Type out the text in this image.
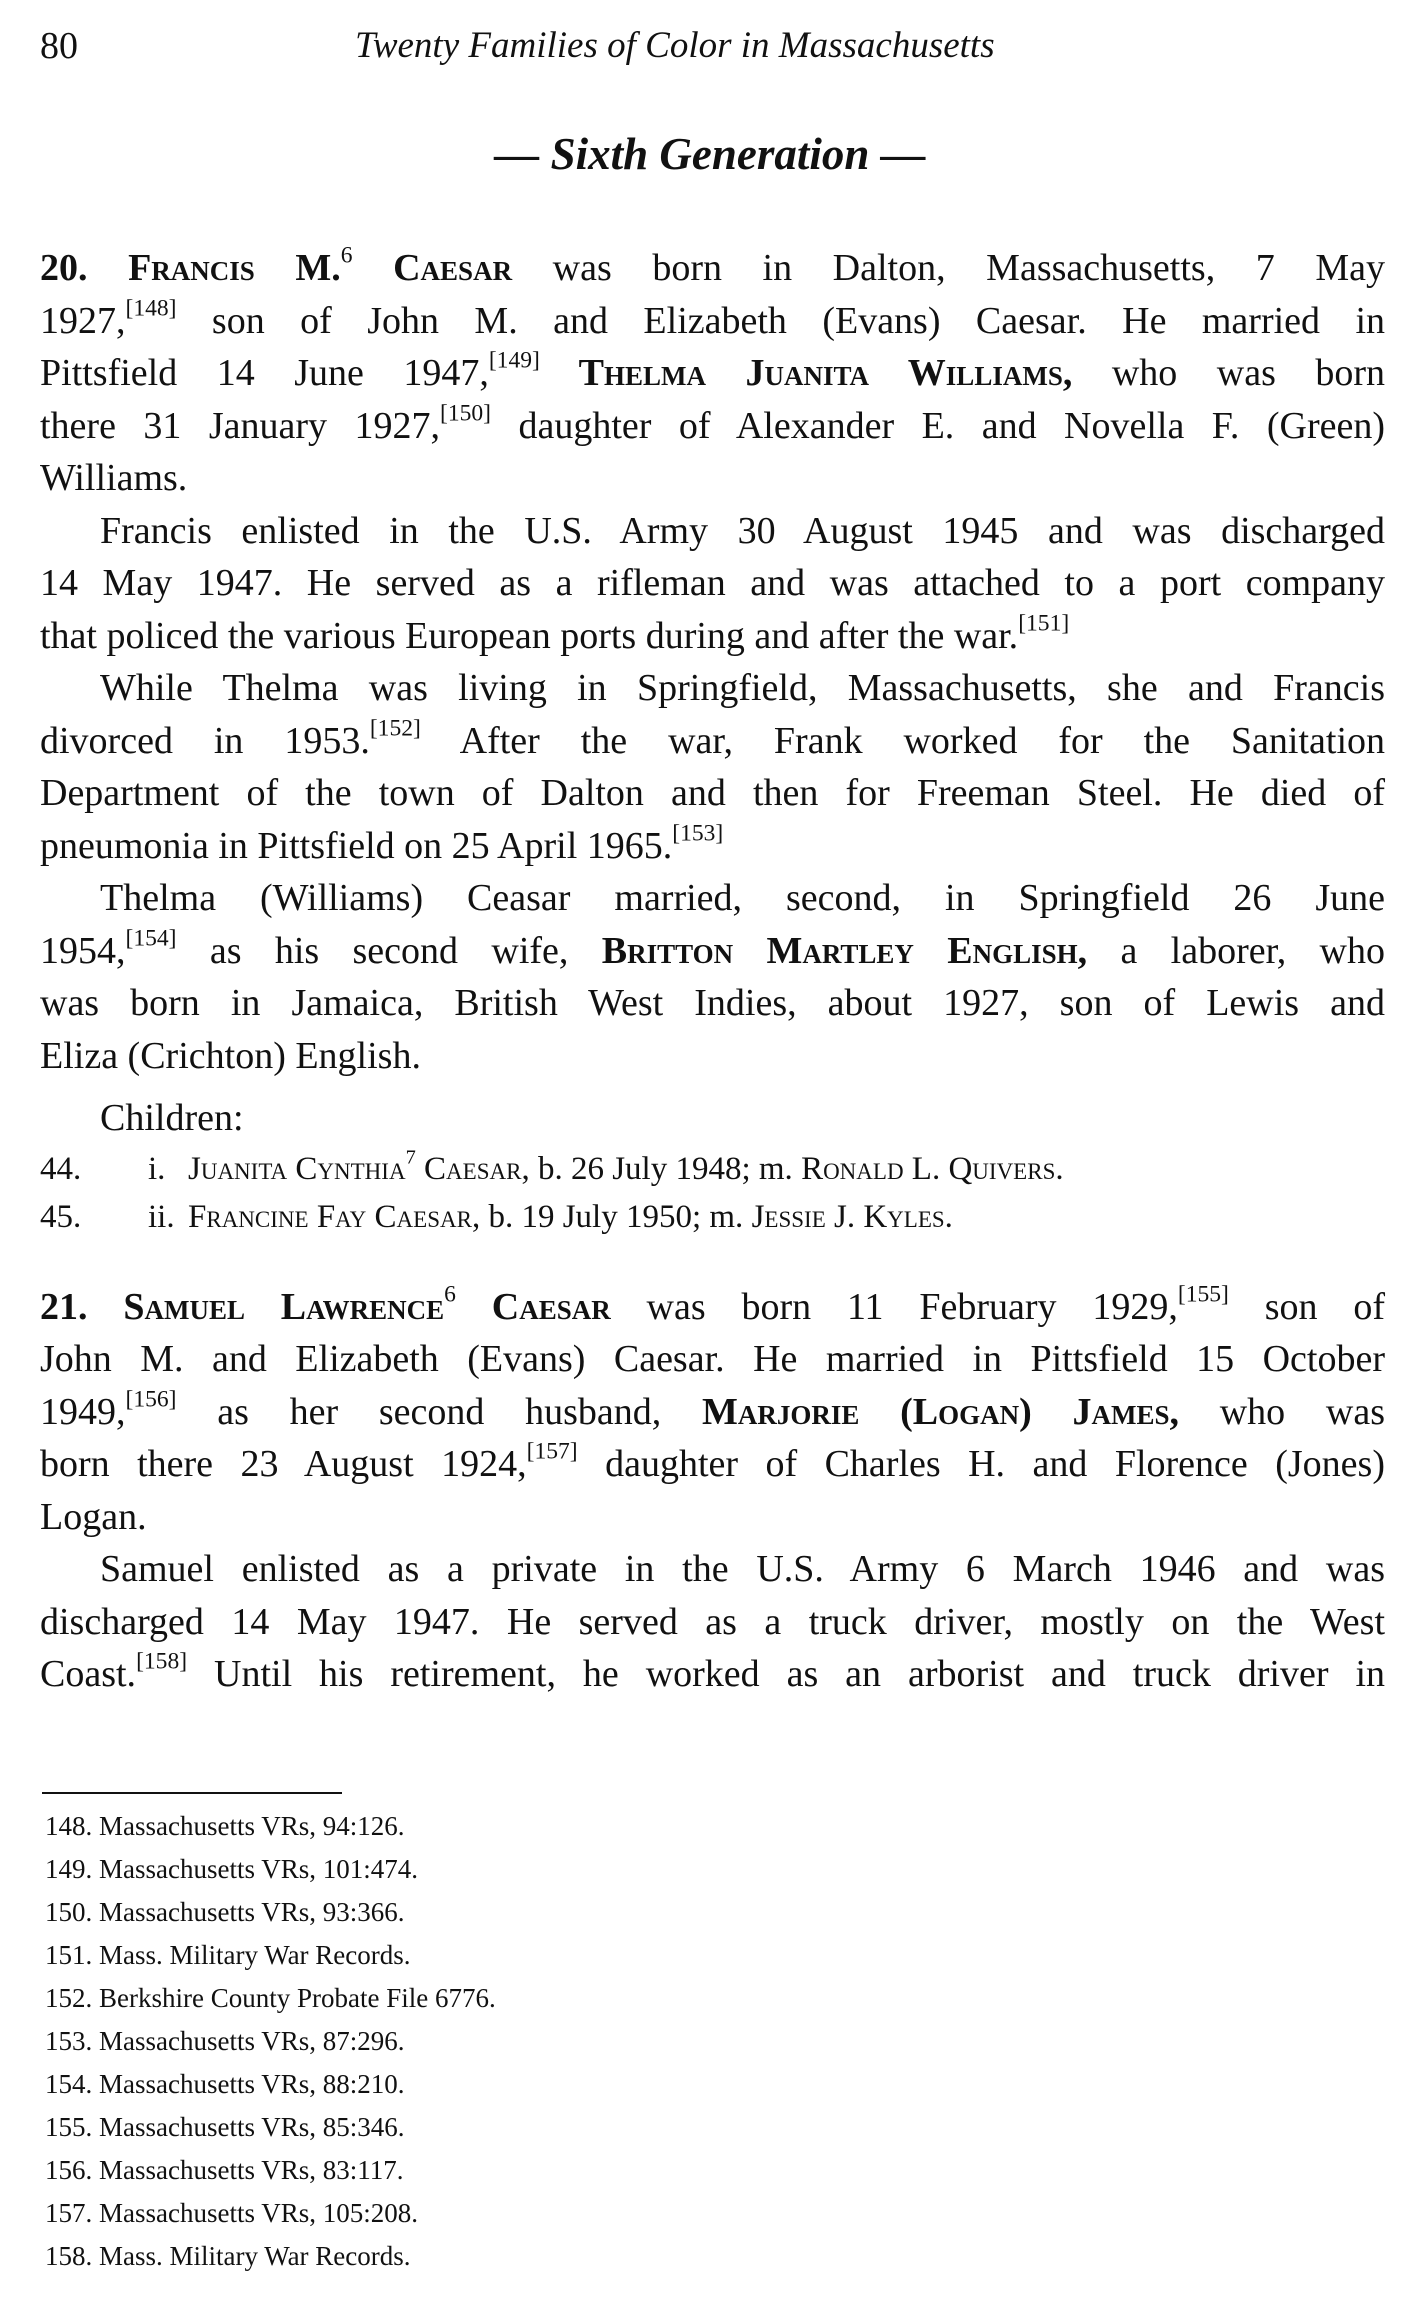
80	Twenty Families of Color in Massachusetts
— Sixth Generation —
20. Francis M.$^6$ Caesar was born in Dalton, Massachusetts, 7 May
1927,[148] son of John M. and Elizabeth (Evans) Caesar. He married in
Pittsfield 14 June 1947,[149] Thelma Juanita Williams, who was born
there 31 January 1927,[150] daughter of Alexander E. and Novella F. (Green)
Williams.
Francis enlisted in the U.S. Army 30 August 1945 and was discharged
14 May 1947. He served as a rifleman and was attached to a port company
that policed the various European ports during and after the war.[151]
While Thelma was living in Springfield, Massachusetts, she and Francis
divorced in 1953.[152] After the war, Frank worked for the Sanitation
Department of the town of Dalton and then for Freeman Steel. He died of
pneumonia in Pittsfield on 25 April 1965.[153]
Thelma (Williams) Ceasar married, second, in Springfield 26 June
1954,[154] as his second wife, Britton Martley English, a laborer, who
was born in Jamaica, British West Indies, about 1927, son of Lewis and
Eliza (Crichton) English.
Children:
44. i. Juanita Cynthia$^7$ Caesar, b. 26 July 1948; m. Ronald L. Quivers.
45. ii. Francine Fay Caesar, b. 19 July 1950; m. Jessie J. Kyles.
21. Samuel Lawrence$^6$ Caesar was born 11 February 1929,[155] son of
John M. and Elizabeth (Evans) Caesar. He married in Pittsfield 15 October
1949,[156] as her second husband, Marjorie (Logan) James, who was
born there 23 August 1924,[157] daughter of Charles H. and Florence (Jones)
Logan.
Samuel enlisted as a private in the U.S. Army 6 March 1946 and was
discharged 14 May 1947. He served as a truck driver, mostly on the West
Coast.[158] Until his retirement, he worked as an arborist and truck driver in
148. Massachusetts VRs, 94:126.
149. Massachusetts VRs, 101:474.
150. Massachusetts VRs, 93:366.
151. Mass. Military War Records.
152. Berkshire County Probate File 6776.
153. Massachusetts VRs, 87:296.
154. Massachusetts VRs, 88:210.
155. Massachusetts VRs, 85:346.
156. Massachusetts VRs, 83:117.
157. Massachusetts VRs, 105:208.
158. Mass. Military War Records.
